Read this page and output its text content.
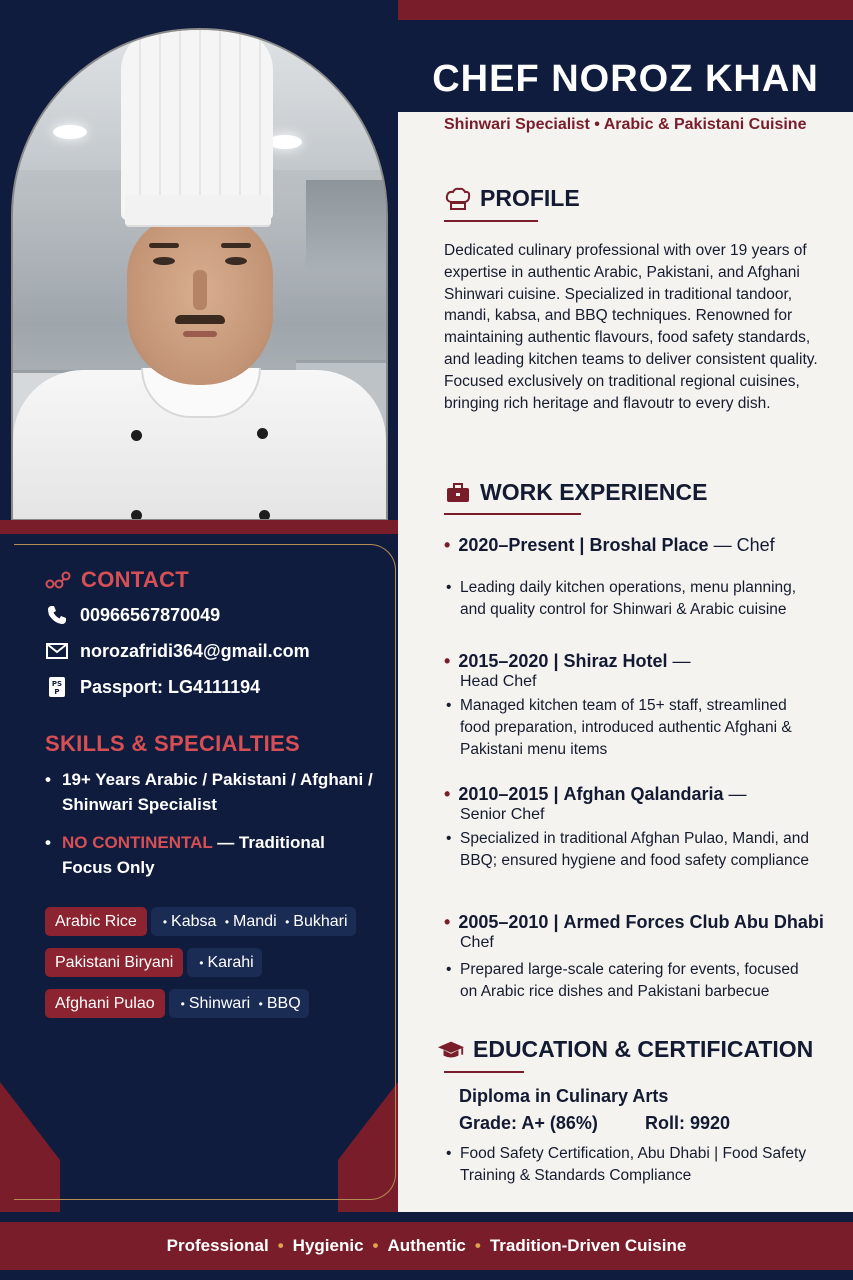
CONTACT
00966567870049
norozafridi364@gmail.com
PS
P Passport: LG4111194
SKILLS & SPECIALTIES
• 19+ Years Arabic / Pakistani / Afghani / Shinwari Specialist
• NO CONTINENTAL — Traditional Focus Only
Arabic Rice	• Kabsa • Mandi • Bukhari
Pakistani Biryani	• Karahi
Afghani Pulao	• Shinwari • BBQ
CHEF NOROZ KHAN
Shinwari Specialist • Arabic & Pakistani Cuisine
PROFILE
Dedicated culinary professional with over 19 years of expertise in authentic Arabic, Pakistani, and Afghani Shinwari cuisine. Specialized in traditional tandoor, mandi, kabsa, and BBQ techniques. Renowned for maintaining authentic flavours, food safety standards, and leading kitchen teams to deliver consistent quality. Focused exclusively on traditional regional cuisines, bringing rich heritage and flavoutr to every dish.
WORK EXPERIENCE
• 2020–Present | Broshal Place — Chef
• Leading daily kitchen operations, menu planning, and quality control for Shinwari & Arabic cuisine
• 2015–2020 | Shiraz Hotel —
Head Chef
• Managed kitchen team of 15+ staff, streamlined food preparation, introduced authentic Afghani & Pakistani menu items
• 2010–2015 | Afghan Qalandaria —
Senior Chef
• Specialized in traditional Afghan Pulao, Mandi, and BBQ; ensured hygiene and food safety compliance
• 2005–2010 | Armed Forces Club Abu Dhabi
Chef
• Prepared large-scale catering for events, focused on Arabic rice dishes and Pakistani barbecue
EDUCATION & CERTIFICATION
Diploma in Culinary Arts
Grade: A+ (86%)	Roll: 9920
• Food Safety Certification, Abu Dhabi | Food Safety Training & Standards Compliance
Professional • Hygienic • Authentic • Tradition-Driven Cuisine
